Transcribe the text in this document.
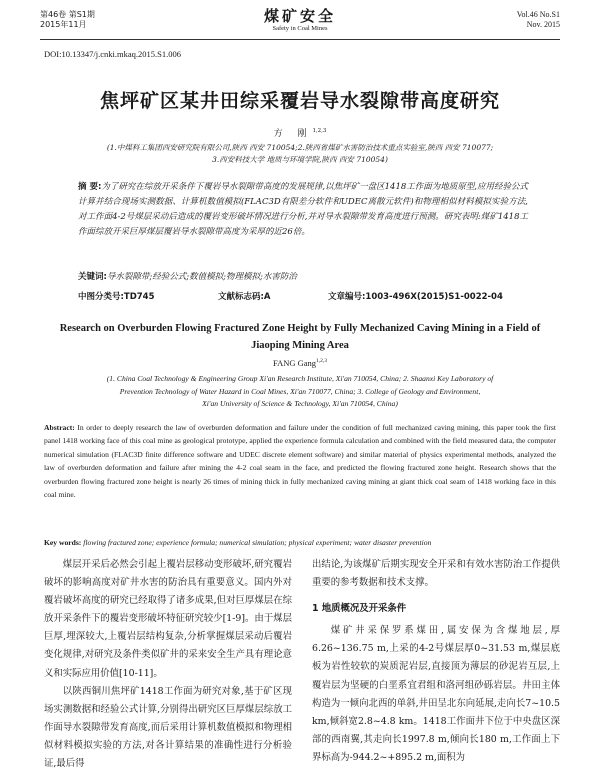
第46卷 第S1期
2015年11月	煤矿安全
Safety in Coal Mines
Vol.46 No.S1
Nov. 2015
DOI:10.13347/j.cnki.mkaq.2015.S1.006
焦坪矿区某井田综采覆岩导水裂隙带高度研究
方 刚$^{1,2,3}$
(1.中煤科工集团西安研究院有限公司,陕西 西安 710054;2.陕西省煤矿水害防治技术重点实验室,陕西 西安 710077;
3.西安科技大学 地质与环境学院,陕西 西安 710054)
摘 要:为了研究在综放开采条件下覆岩导水裂隙带高度的发展规律,以焦坪矿一盘区1418工作面为地质原型,应用经验公式计算并结合现场实测数据、计算机数值模拟(FLAC3D有限差分软件和UDEC离散元软件)和物理相似材料模拟实验方法,对工作面4-2号煤层采动后造成的覆岩变形破坏情况进行分析,并对导水裂隙带发育高度进行预测。研究表明:煤矿1418工作面综放开采巨厚煤层覆岩导水裂隙带高度为采厚的近26倍。
关键词:导水裂隙带;经验公式;数值模拟;物理模拟;水害防治
中图分类号:TD745	文献标志码:A	文章编号:1003-496X(2015)S1-0022-04
Research on Overburden Flowing Fractured Zone Height by Fully Mechanized Caving Mining in a Field of Jiaoping Mining Area
FANG Gang$^{1,2,3}$
(1. China Coal Technology & Engineering Group Xi'an Research Institute, Xi'an 710054, China; 2. Shaanxi Key Laboratory of
Prevention Technology of Water Hazard in Coal Mines, Xi'an 710077, China; 3. College of Geology and Environment,
Xi'an University of Science & Technology, Xi'an 710054, China)
Abstract: In order to deeply research the law of overburden deformation and failure under the condition of full mechanized caving mining, this paper took the first panel 1418 working face of this coal mine as geological prototype, applied the experience formula calculation and combined with the field measured data, the computer numerical simulation (FLAC3D finite difference software and UDEC discrete element software) and similar material of physics experimental methods, analyzed the law of overburden deformation and failure after mining the 4-2 coal seam in the face, and predicted the flowing fractured zone height. Research shows that the overburden flowing fractured zone height is nearly 26 times of mining thick in fully mechanized caving mining at giant thick coal seam of 1418 working face in this coal mine.
Key words: flowing fractured zone; experience formula; numerical simulation; physical experiment; water disaster prevention

煤层开采后必然会引起上覆岩层移动变形破坏,研究覆岩破坏的影响高度对矿井水害的防治具有重要意义。国内外对覆岩破坏高度的研究已经取得了诸多成果,但对巨厚煤层在综放开采条件下的覆岩变形破坏特征研究较少[1-9]。由于煤层巨厚,埋深较大,上覆岩层结构复杂,分析掌握煤层采动后覆岩变化规律,对研究及条件类似矿井的采来安全生产具有理论意义和实际应用价值[10-11]。

以陕西铜川焦坪矿1418工作面为研究对象,基于矿区现场实测数据和经验公式计算,分别得出研究区巨厚煤层综放工作面导水裂隙带发育高度,而后采用计算机数值模拟和物理相似材料模拟实验的方法,对各计算结果的准确性进行分析验证,最后得

出结论,为该煤矿后期实现安全开采和有效水害防治工作提供重要的参考数据和技术支撑。

1 地质概况及开采条件

煤矿井采保罗系煤田,属安保为含煤地层,厚6.26~136.75 m,上采的4-2号煤层厚0~31.53 m,煤层底板为岩性较软的炭质泥岩层,直接顶为薄层的砂泥岩互层,上覆岩层为坚硬的白垩系宜君组和洛河组砂砾岩层。井田主体构造为一倾向北西的单斜,井田呈北东向延展,走向长7~10.5 km,倾斜宽2.8~4.8 km。1418工作面井下位于中央盘区深部的西南翼,其走向长1997.8 m,倾向长180 m,工作面上下界标高为-944.2~+895.2 m,面积为
